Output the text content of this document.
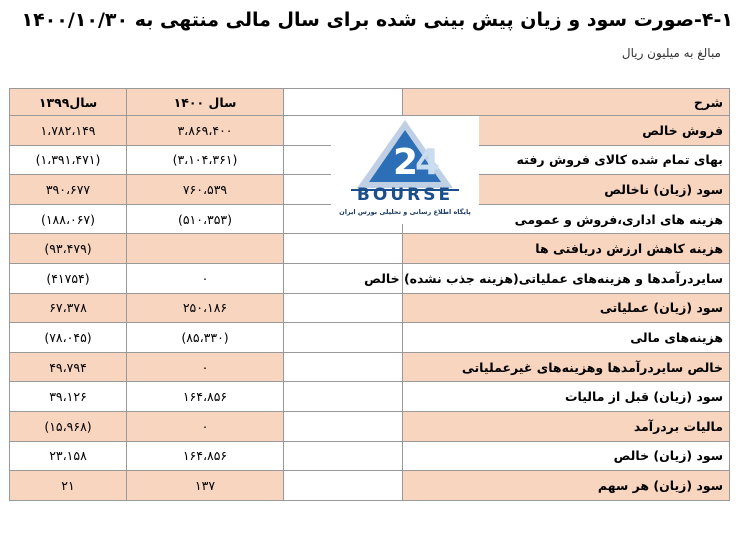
۴-۱-صورت سود و زیان پیش بینی شده برای سال مالی منتهی به ۱۴۰۰/۱۰/۳۰
مبالغ به میلیون ریال
سال۱۳۹۹	سال ۱۴۰۰		شرح
۱،۷۸۲،۱۴۹	۳،۸۶۹،۴۰۰		فروش خالص
(۱،۳۹۱،۴۷۱)	(۳،۱۰۴،۳۶۱)		بهای تمام شده کالای فروش رفته
۳۹۰،۶۷۷	۷۶۰،۵۳۹		سود (زیان) ناخالص
(۱۸۸،۰۶۷)	(۵۱۰،۳۵۳)		هزینه های اداری،فروش و عمومی
(۹۳،۴۷۹)			هزینه کاهش ارزش دریافتی ها
(۴۱۷۵۴)	۰		سایردرآمدها و هزینه‌های عملیاتی(هزینه جذب نشده) خالص
۶۷،۳۷۸	۲۵۰،۱۸۶		سود (زیان) عملیاتی
(۷۸،۰۴۵)	(۸۵،۳۳۰)		هزینه‌های مالی
۴۹،۷۹۴	۰		خالص سایردرآمدها وهزینه‌های غیرعملیاتی
۳۹،۱۲۶	۱۶۴،۸۵۶		سود (زیان) قبل از مالیات
(۱۵،۹۶۸)	۰		مالیات بردرآمد
۲۳،۱۵۸	۱۶۴،۸۵۶		سود (زیان) خالص
۲۱	۱۳۷		سود (زیان) هر سهم
2
4
BOURSE
پایگاه اطلاع رسانی و تحلیلی بورس ایران
